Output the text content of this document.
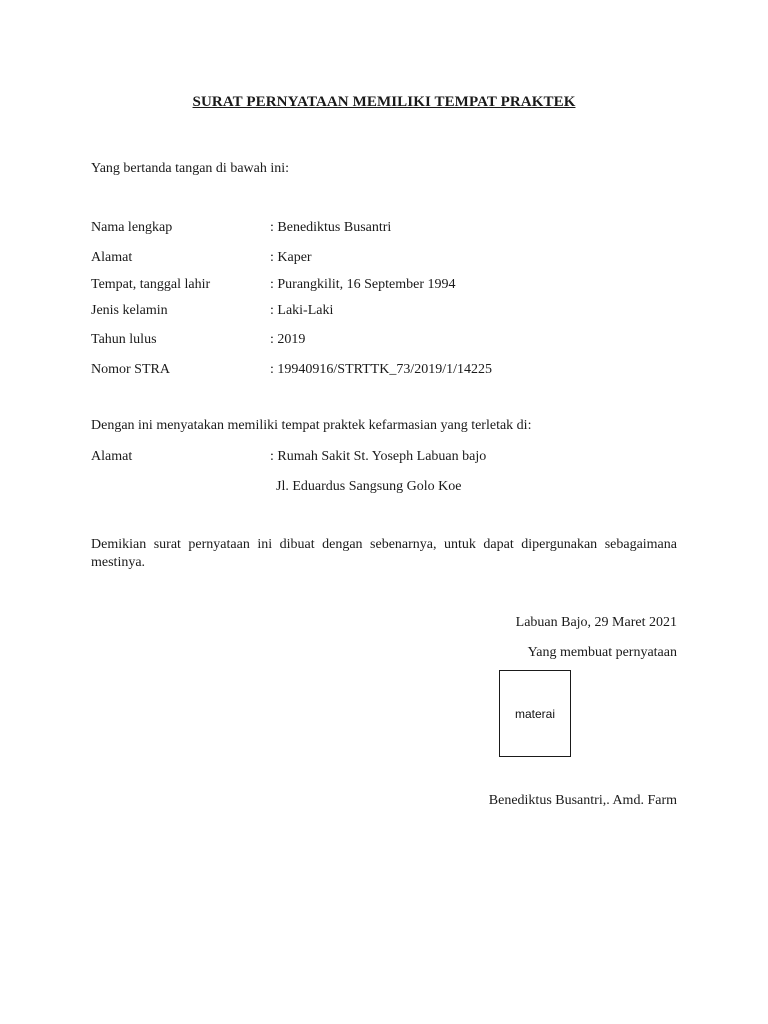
SURAT PERNYATAAN MEMILIKI TEMPAT PRAKTEK
Yang bertanda tangan di bawah ini:
Nama lengkap	: Benediktus Busantri
Alamat	: Kaper
Tempat, tanggal lahir	: Purangkilit, 16 September 1994
Jenis kelamin	: Laki-Laki
Tahun lulus	: 2019
Nomor STRA	: 19940916/STRTTK_73/2019/1/14225
Dengan ini menyatakan memiliki tempat praktek kefarmasian yang terletak di:
Alamat	: Rumah Sakit St. Yoseph Labuan bajo
Jl. Eduardus Sangsung Golo Koe
Demikian surat pernyataan ini dibuat dengan sebenarnya, untuk dapat dipergunakan sebagaimana mestinya.
Labuan Bajo, 29 Maret 2021
Yang membuat pernyataan
materai
Benediktus Busantri,. Amd. Farm
